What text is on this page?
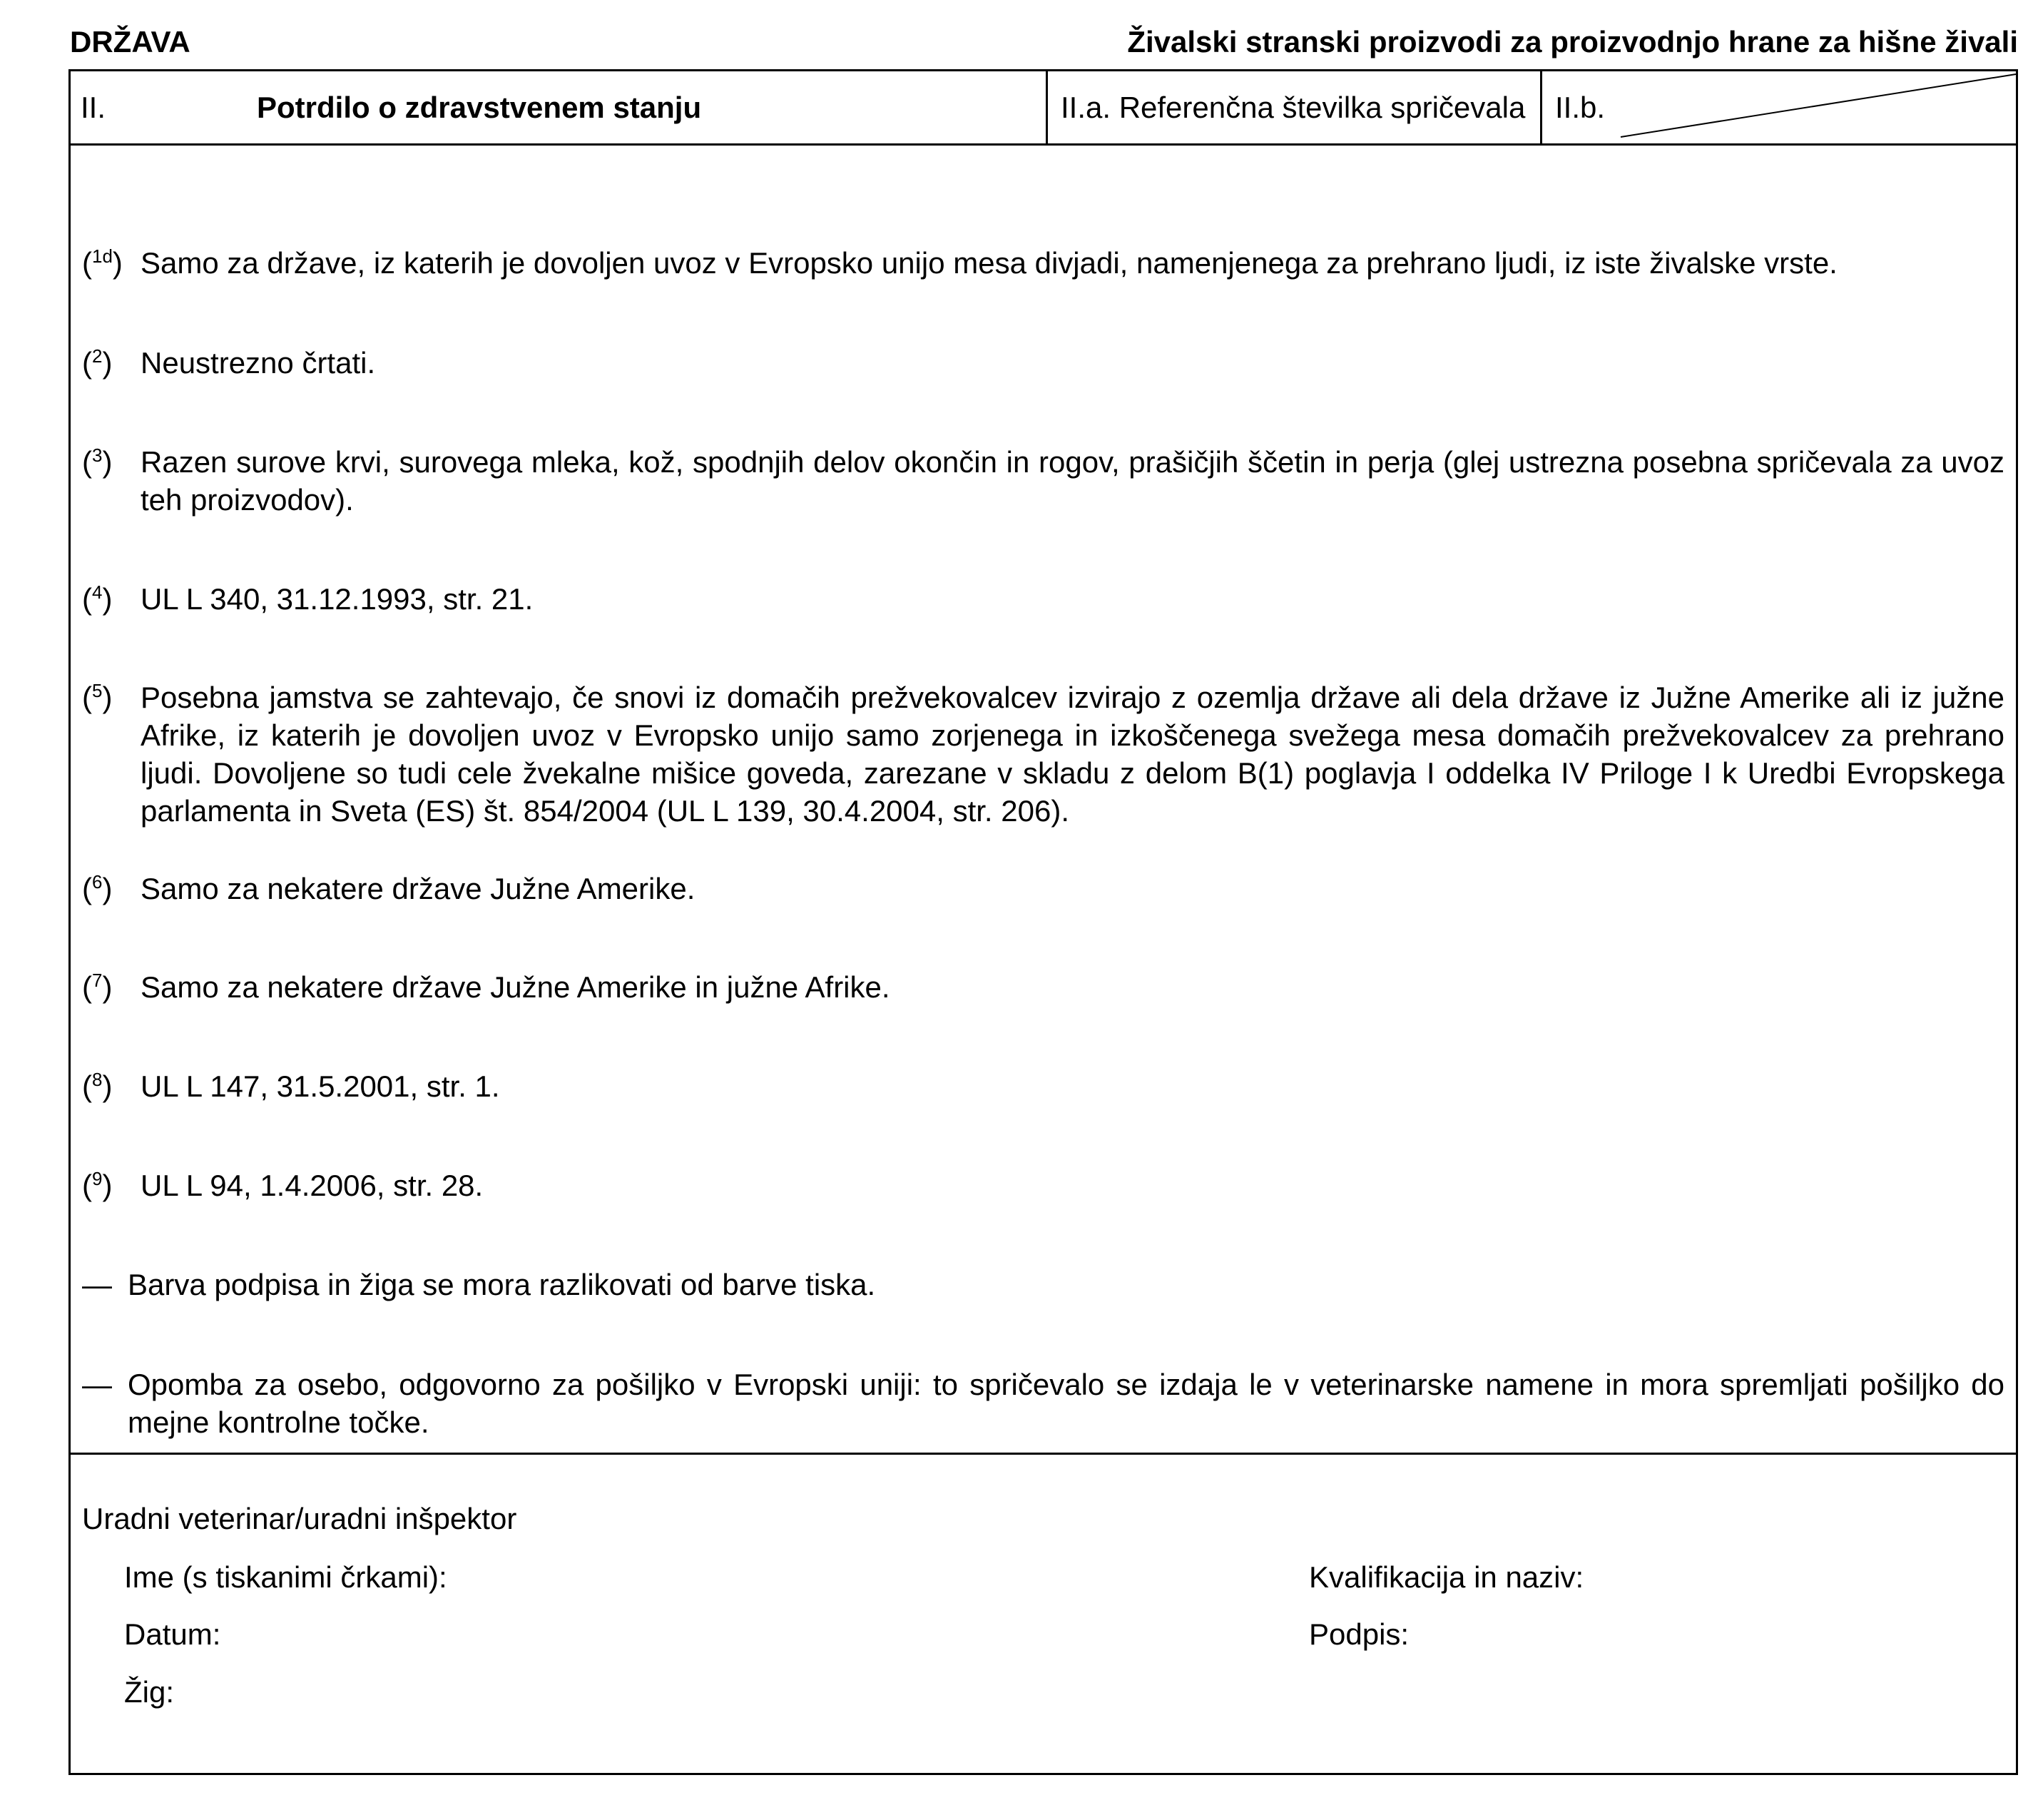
DRŽAVA	Živalski stranski proizvodi za proizvodnjo hrane za hišne živali
II.	Potrdilo o zdravstvenem stanju	II.a. Referenčna številka spričevala II.b.
($^{1d}$) Samo za države, iz katerih je dovoljen uvoz v Evropsko unijo mesa divjadi, namenjenega za prehrano ljudi, iz iste živalske vrste.
($^2$) Neustrezno črtati.
($^3$) Razen surove krvi, surovega mleka, kož, spodnjih delov okončin in rogov, prašičjih ščetin in perja (glej ustrezna posebna spričevala za uvoz teh proizvodov).
($^4$) UL L 340, 31.12.1993, str. 21.
($^5$) Posebna jamstva se zahtevajo, če snovi iz domačih prežvekovalcev izvirajo z ozemlja države ali dela države iz Južne Amerike ali iz južne Afrike, iz katerih je dovoljen uvoz v Evropsko unijo samo zorjenega in izkoščenega svežega mesa domačih prežvekovalcev za prehrano ljudi. Dovoljene so tudi cele žvekalne mišice goveda, zarezane v skladu z delom B(1) poglavja I oddelka IV Priloge I k Uredbi Evropskega parlamenta in Sveta (ES) št. 854/2004 (UL L 139, 30.4.2004, str. 206).
($^6$) Samo za nekatere države Južne Amerike.
($^7$) Samo za nekatere države Južne Amerike in južne Afrike.
($^8$) UL L 147, 31.5.2001, str. 1.
($^9$) UL L 94, 1.4.2006, str. 28.
— Barva podpisa in žiga se mora razlikovati od barve tiska.
— Opomba za osebo, odgovorno za pošiljko v Evropski uniji: to spričevalo se izdaja le v veterinarske namene in mora spremljati pošiljko do mejne kontrolne točke.
Uradni veterinar/uradni inšpektor
Ime (s tiskanimi črkami):	Kvalifikacija in naziv:
Datum:	Podpis:
Žig:
